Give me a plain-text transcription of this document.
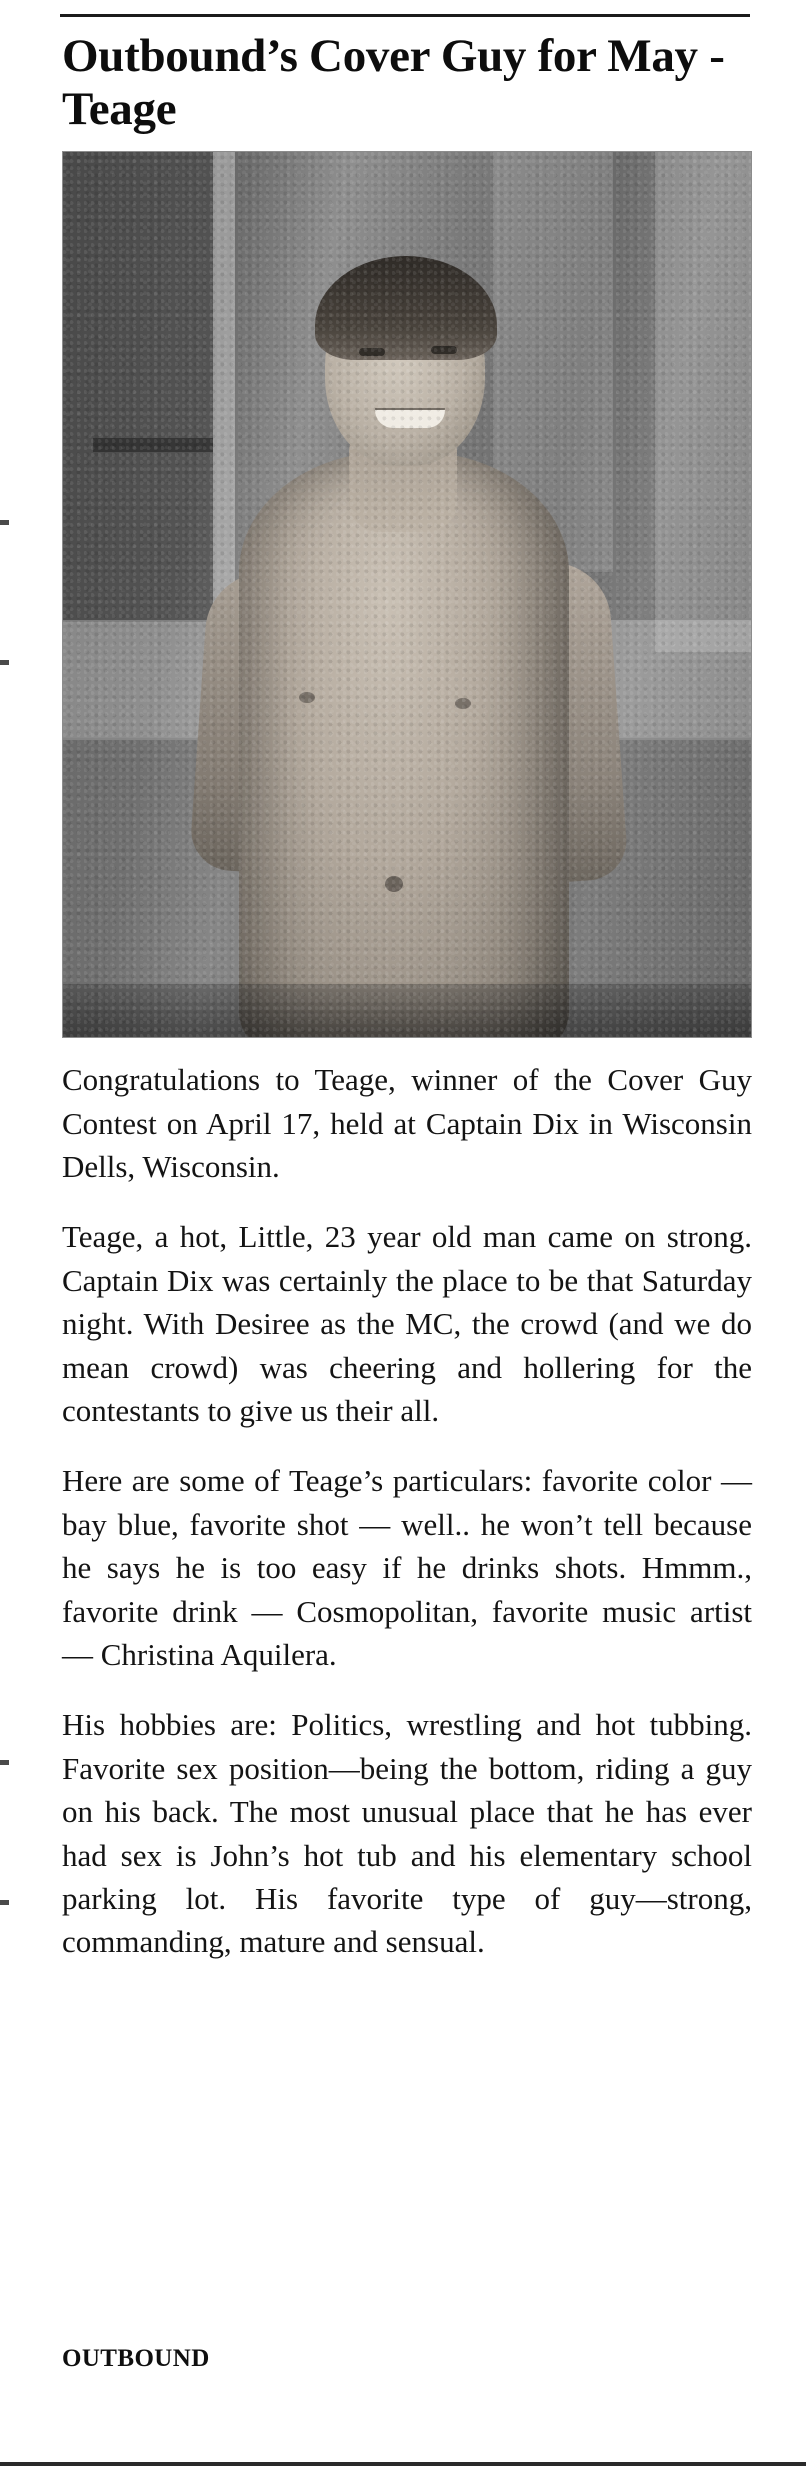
Outbound’s Cover Guy for May - Teage

Congratulations to Teage, winner of the Cover Guy Contest on April 17, held at Captain Dix in Wisconsin Dells, Wisconsin.

Teage, a hot, Little, 23 year old man came on strong. Captain Dix was certainly the place to be that Saturday night. With Desiree as the MC, the crowd (and we do mean crowd) was cheering and hollering for the contestants to give us their all.

Here are some of Teage’s particulars: favorite color — bay blue, favorite shot — well.. he won’t tell because he says he is too easy if he drinks shots. Hmmm., favorite drink — Cosmopolitan, favorite music artist — Christina Aquilera.

His hobbies are: Politics, wrestling and hot tubbing. Favorite sex position—being the bottom, riding a guy on his back. The most unusual place that he has ever had sex is John’s hot tub and his elementary school parking lot. His favorite type of guy—strong, commanding, mature and sensual.

OUTBOUND
